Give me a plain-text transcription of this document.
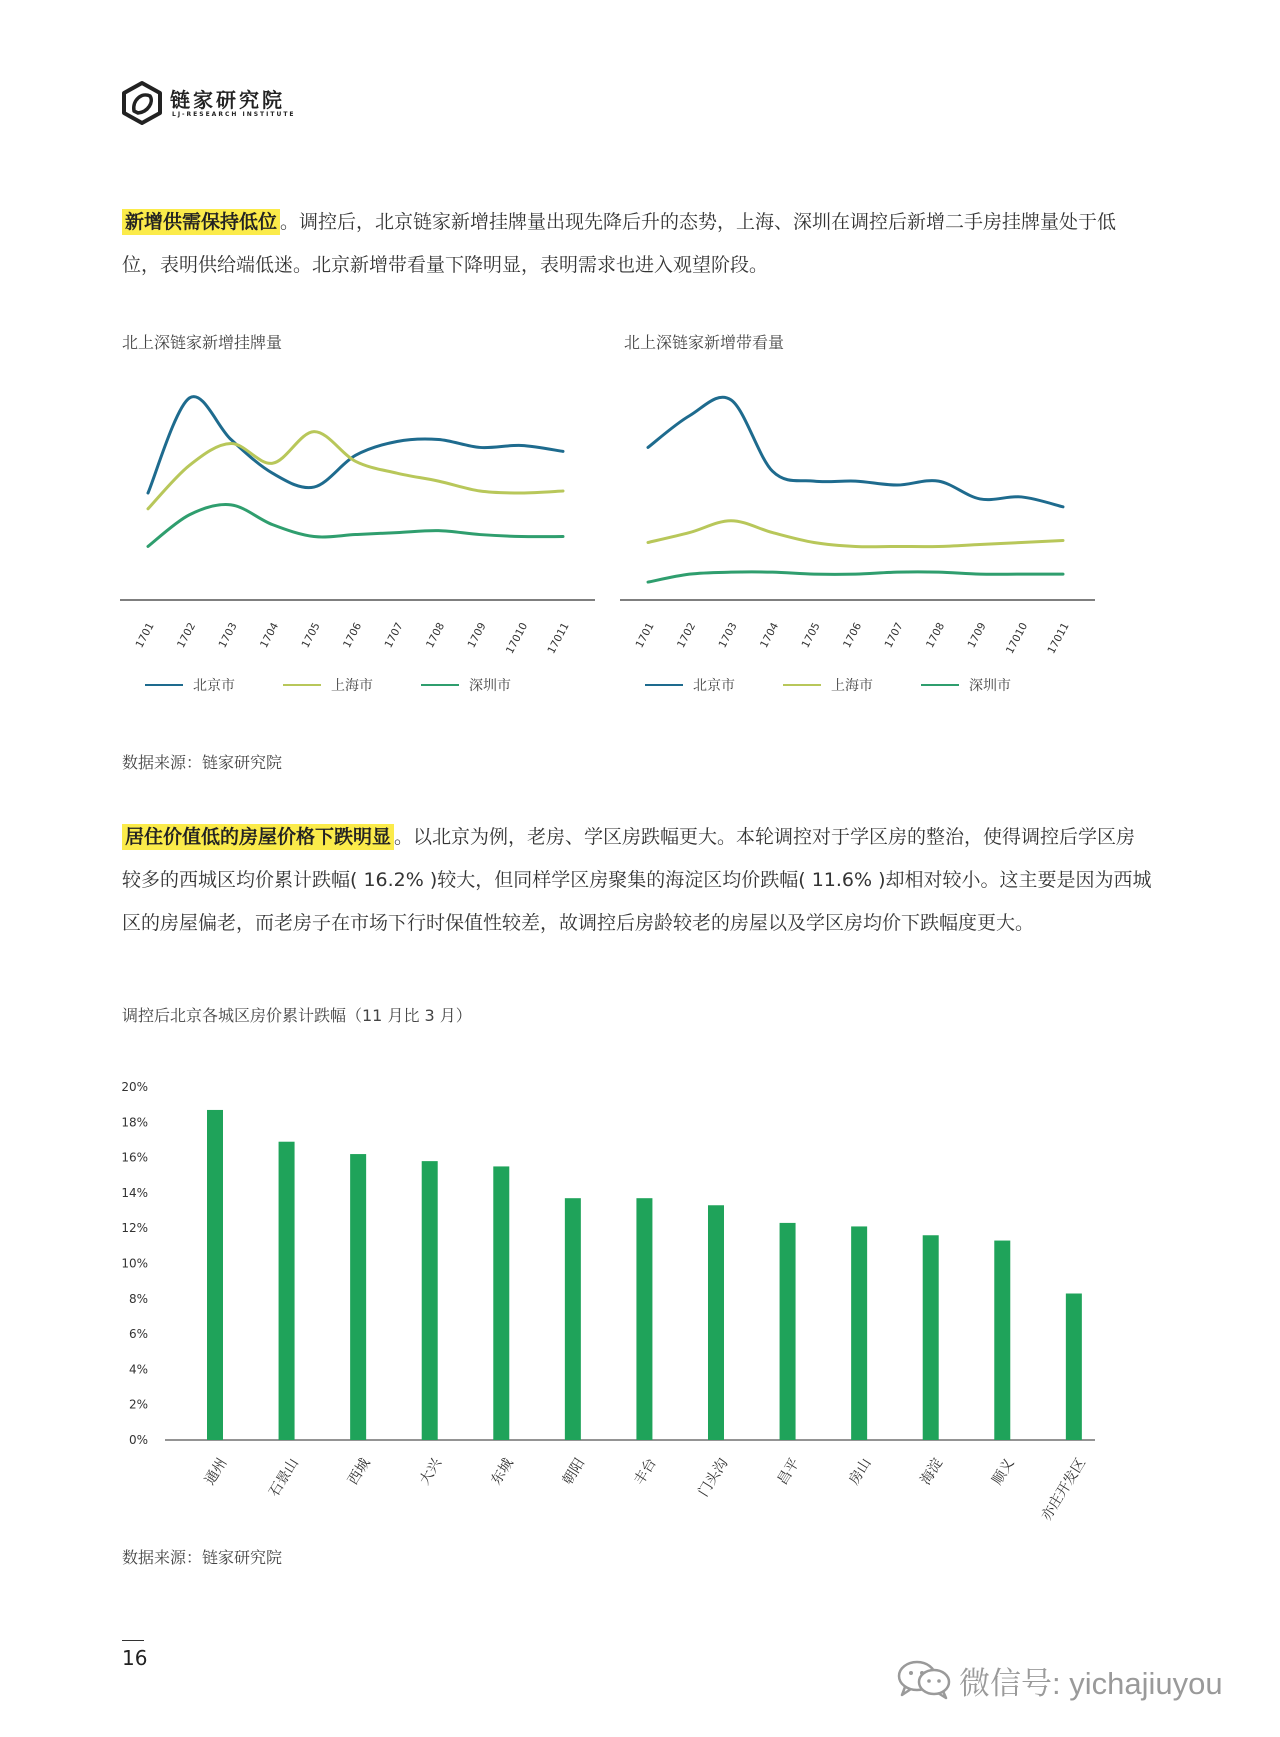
链家研究院
LJ-RESEARCH INSTITUTE
新增供需保持低位 。调控后，北京链家新增挂牌量出现先降后升的态势，上海、深圳在调控后新增二手房挂牌量处于低位，表明供给端低迷。北京新增带看量下降明显，表明需求也进入观望阶段。
北上深链家新增挂牌量	北上深链家新增带看量
1701 1702 1703 1704 1705 1706 1707 1708 1709 17010 17011
北京市	上海市	深圳市
1701 1702 1703 1704 1705 1706 1707 1708 1709 17010 17011
北京市	上海市	深圳市
数据来源：链家研究院
居住价值低的房屋价格下跌明显 。以北京为例，老房、学区房跌幅更大。本轮调控对于学区房的整治，使得调控后学区房较多的西城区均价累计跌幅( 16.2% )较大，但同样学区房聚集的海淀区均价跌幅( 11.6% )却相对较小。这主要是因为西城区的房屋偏老，而老房子在市场下行时保值性较差，故调控后房龄较老的房屋以及学区房均价下跌幅度更大。
调控后北京各城区房价累计跌幅（11 月比 3 月）
0%
2%
4%
6%
8%
10%
12%
14%
16%
18%
20%
通州	石景山	西城	大兴	东城	朝阳	丰台	门头沟	昌平	房山	海淀	顺义 亦庄开发区
数据来源：链家研究院
16
微信号: yichajiuyou
